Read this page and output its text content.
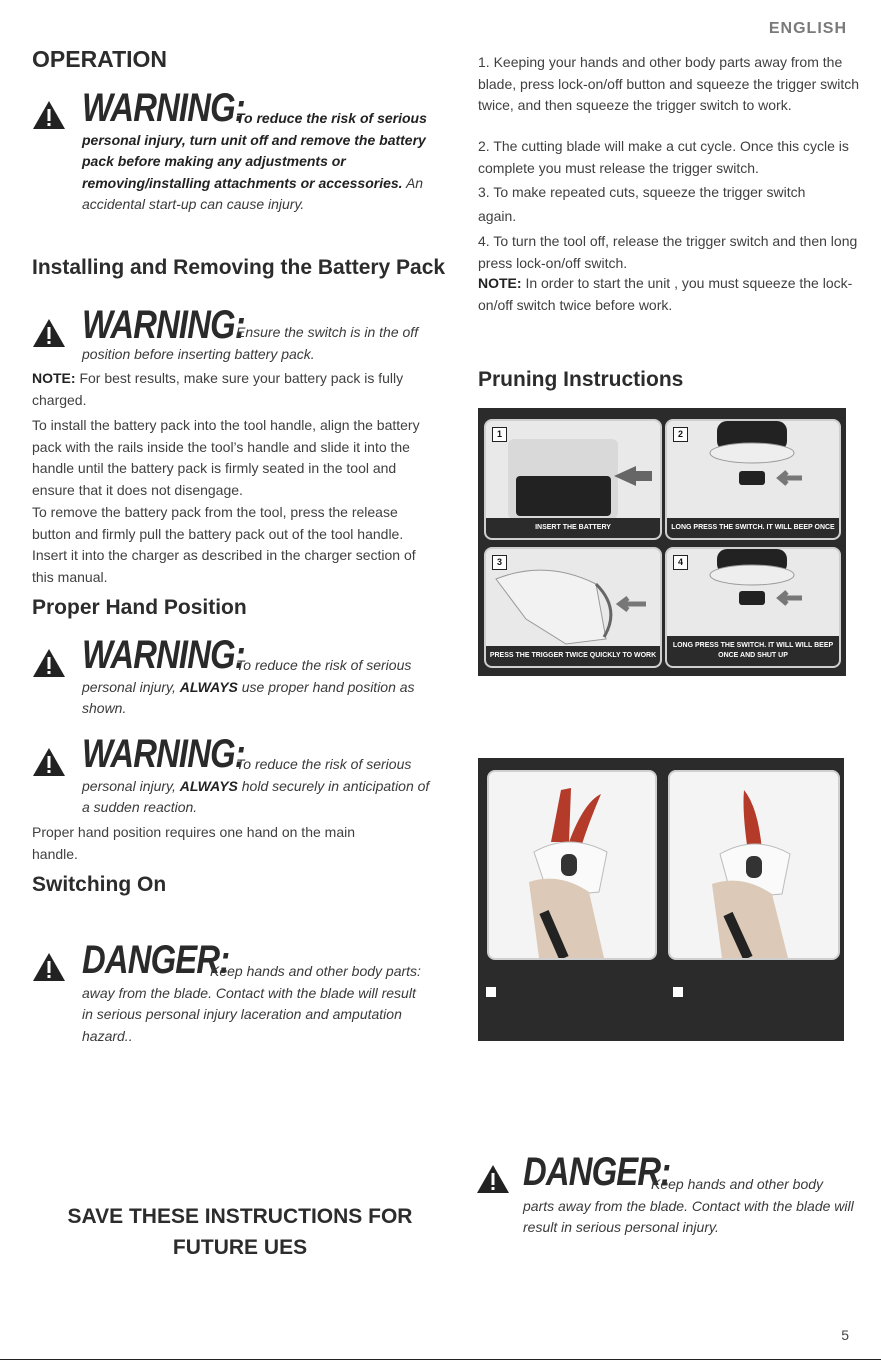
ENGLISH
OPERATION
WARNING:
To reduce the risk of serious personal injury, turn unit off and remove the battery pack before making any adjustments or removing/installing attachments or accessories. An accidental start-up can cause injury.
Installing and Removing the Battery Pack
WARNING:
Ensure the switch is in the off position before inserting battery pack.
NOTE: For best results, make sure your battery pack is fully charged.
To install the battery pack into the tool handle, align the battery pack with the rails inside the tool’s handle and slide it into the handle until the battery pack is firmly seated in the tool and ensure that it does not disengage.
To remove the battery pack from the tool, press the release button and firmly pull the battery pack out of the tool handle. Insert it into the charger as described in the charger section of this manual.
Proper Hand Position
WARNING:
To reduce the risk of serious personal injury, ALWAYS use proper hand position as shown.
WARNING:
To reduce the risk of serious personal injury, ALWAYS hold securely in anticipation of a sudden reaction.
Proper hand position requires one hand on the main handle.
Switching On
DANGER:
Keep hands and other body parts: away from the blade. Contact with the blade will result in serious personal injury laceration and amputation hazard..
SAVE THESE INSTRUCTIONS FOR
FUTURE UES
1. Keeping your hands and other body parts away from the blade, press lock-on/off button and squeeze the trigger switch twice, and then squeeze the trigger switch to work.
2. The cutting blade will make a cut cycle. Once this cycle is complete you must release the trigger switch.
3. To make repeated cuts, squeeze the trigger switch again.
4. To turn the tool off, release the trigger switch and then long press lock-on/off switch.
NOTE: In order to start the unit , you must squeeze the lock-on/off switch twice before work.
Pruning Instructions
1
INSERT THE BATTERY
2
LONG PRESS THE SWITCH. IT WILL BEEP ONCE
3
PRESS THE TRIGGER TWICE QUICKLY TO WORK
4
LONG PRESS THE SWITCH. IT WILL WILL BEEP ONCE AND SHUT UP
DANGER:
Keep hands and other body parts away from the blade. Contact with the blade will result in serious personal injury.
5
